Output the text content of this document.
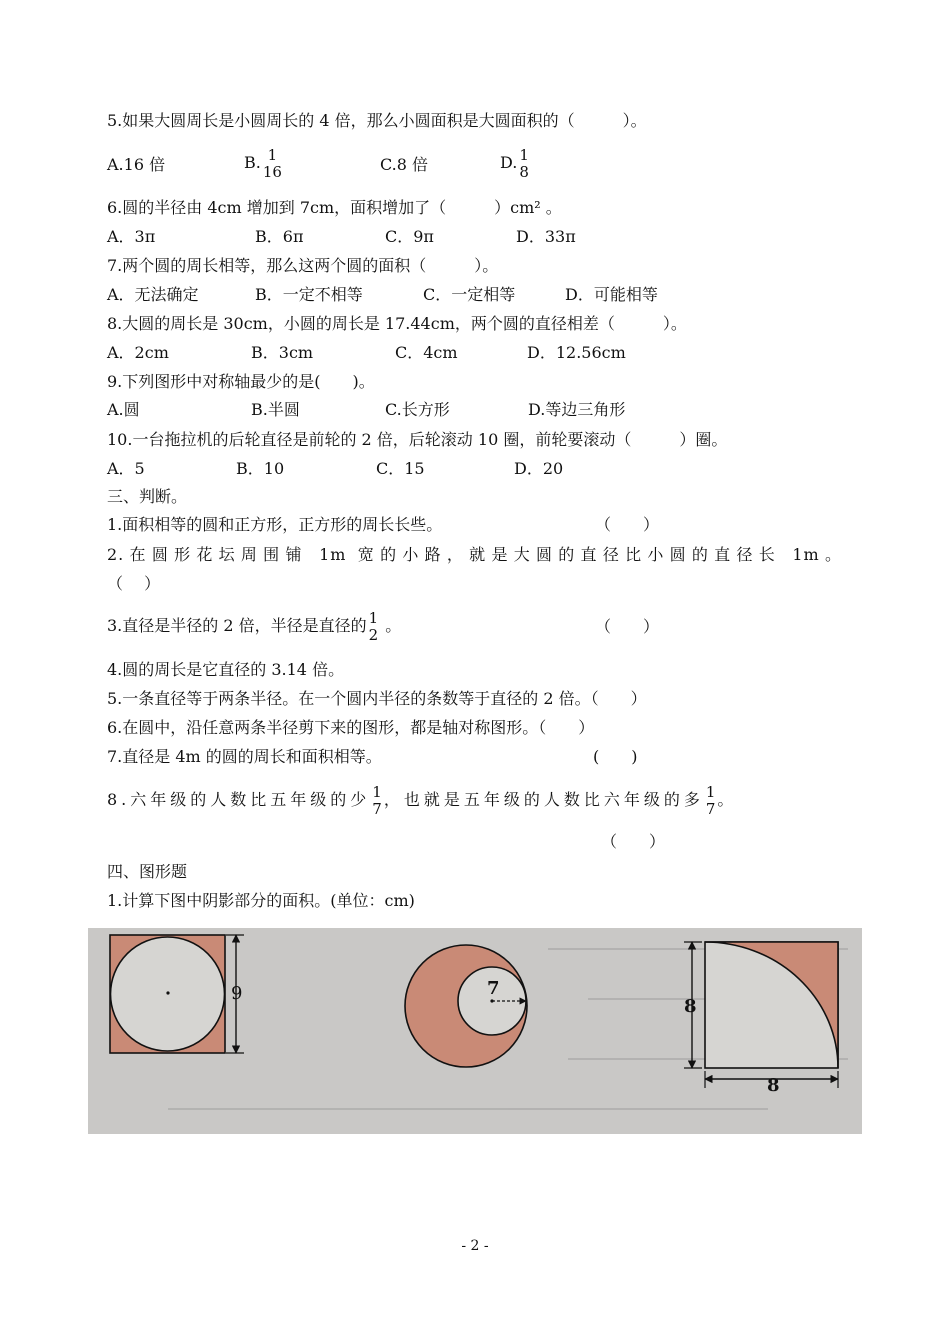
5.如果大圆周长是小圆周长的 4 倍，那么小圆面积是大圆面积的（　　　）。
A.16 倍	B. 1
16	C.8 倍	D. 1
8
6.圆的半径由 4cm 增加到 7cm，面积增加了（　　　）cm² 。
A．3π	B．6π	C．9π	D．33π
7.两个圆的周长相等，那么这两个圆的面积（　　　）。
A．无法确定	B．一定不相等	C．一定相等	D．可能相等
8.大圆的周长是 30cm，小圆的周长是 17.44cm，两个圆的直径相差（　　　）。
A．2cm	B．3cm	C．4cm	D．12.56cm
9.下列图形中对称轴最少的是(　　)。
A.圆	B.半圆	C.长方形	D.等边三角形
10.一台拖拉机的后轮直径是前轮的 2 倍，后轮滚动 10 圈，前轮要滚动（　　　）圈。
A．5	B．10	C．15	D．20
三、判断。
1.面积相等的圆和正方形，正方形的周长长些。	（　　）
2.在圆形花坛周围铺 1m 宽的小路，就是大圆的直径比小圆的直径长 1m。
（　 ）
3.直径是半径的 2 倍，半径是直径的 1
2 。	（　　）
4.圆的周长是它直径的 3.14 倍。
5.一条直径等于两条半径。在一个圆内半径的条数等于直径的 2 倍。（　　）
6.在圆中，沿任意两条半径剪下来的图形，都是轴对称图形。（　　）
7.直径是 4m 的圆的周长和面积相等。	(　　)
8.六年级的人数比五年级的少 1
7 ，也就是五年级的人数比六年级的多 1
7 。
（　　）
四、图形题
1.计算下图中阴影部分的面积。(单位：cm)
9	7
8
8
- 2 -
